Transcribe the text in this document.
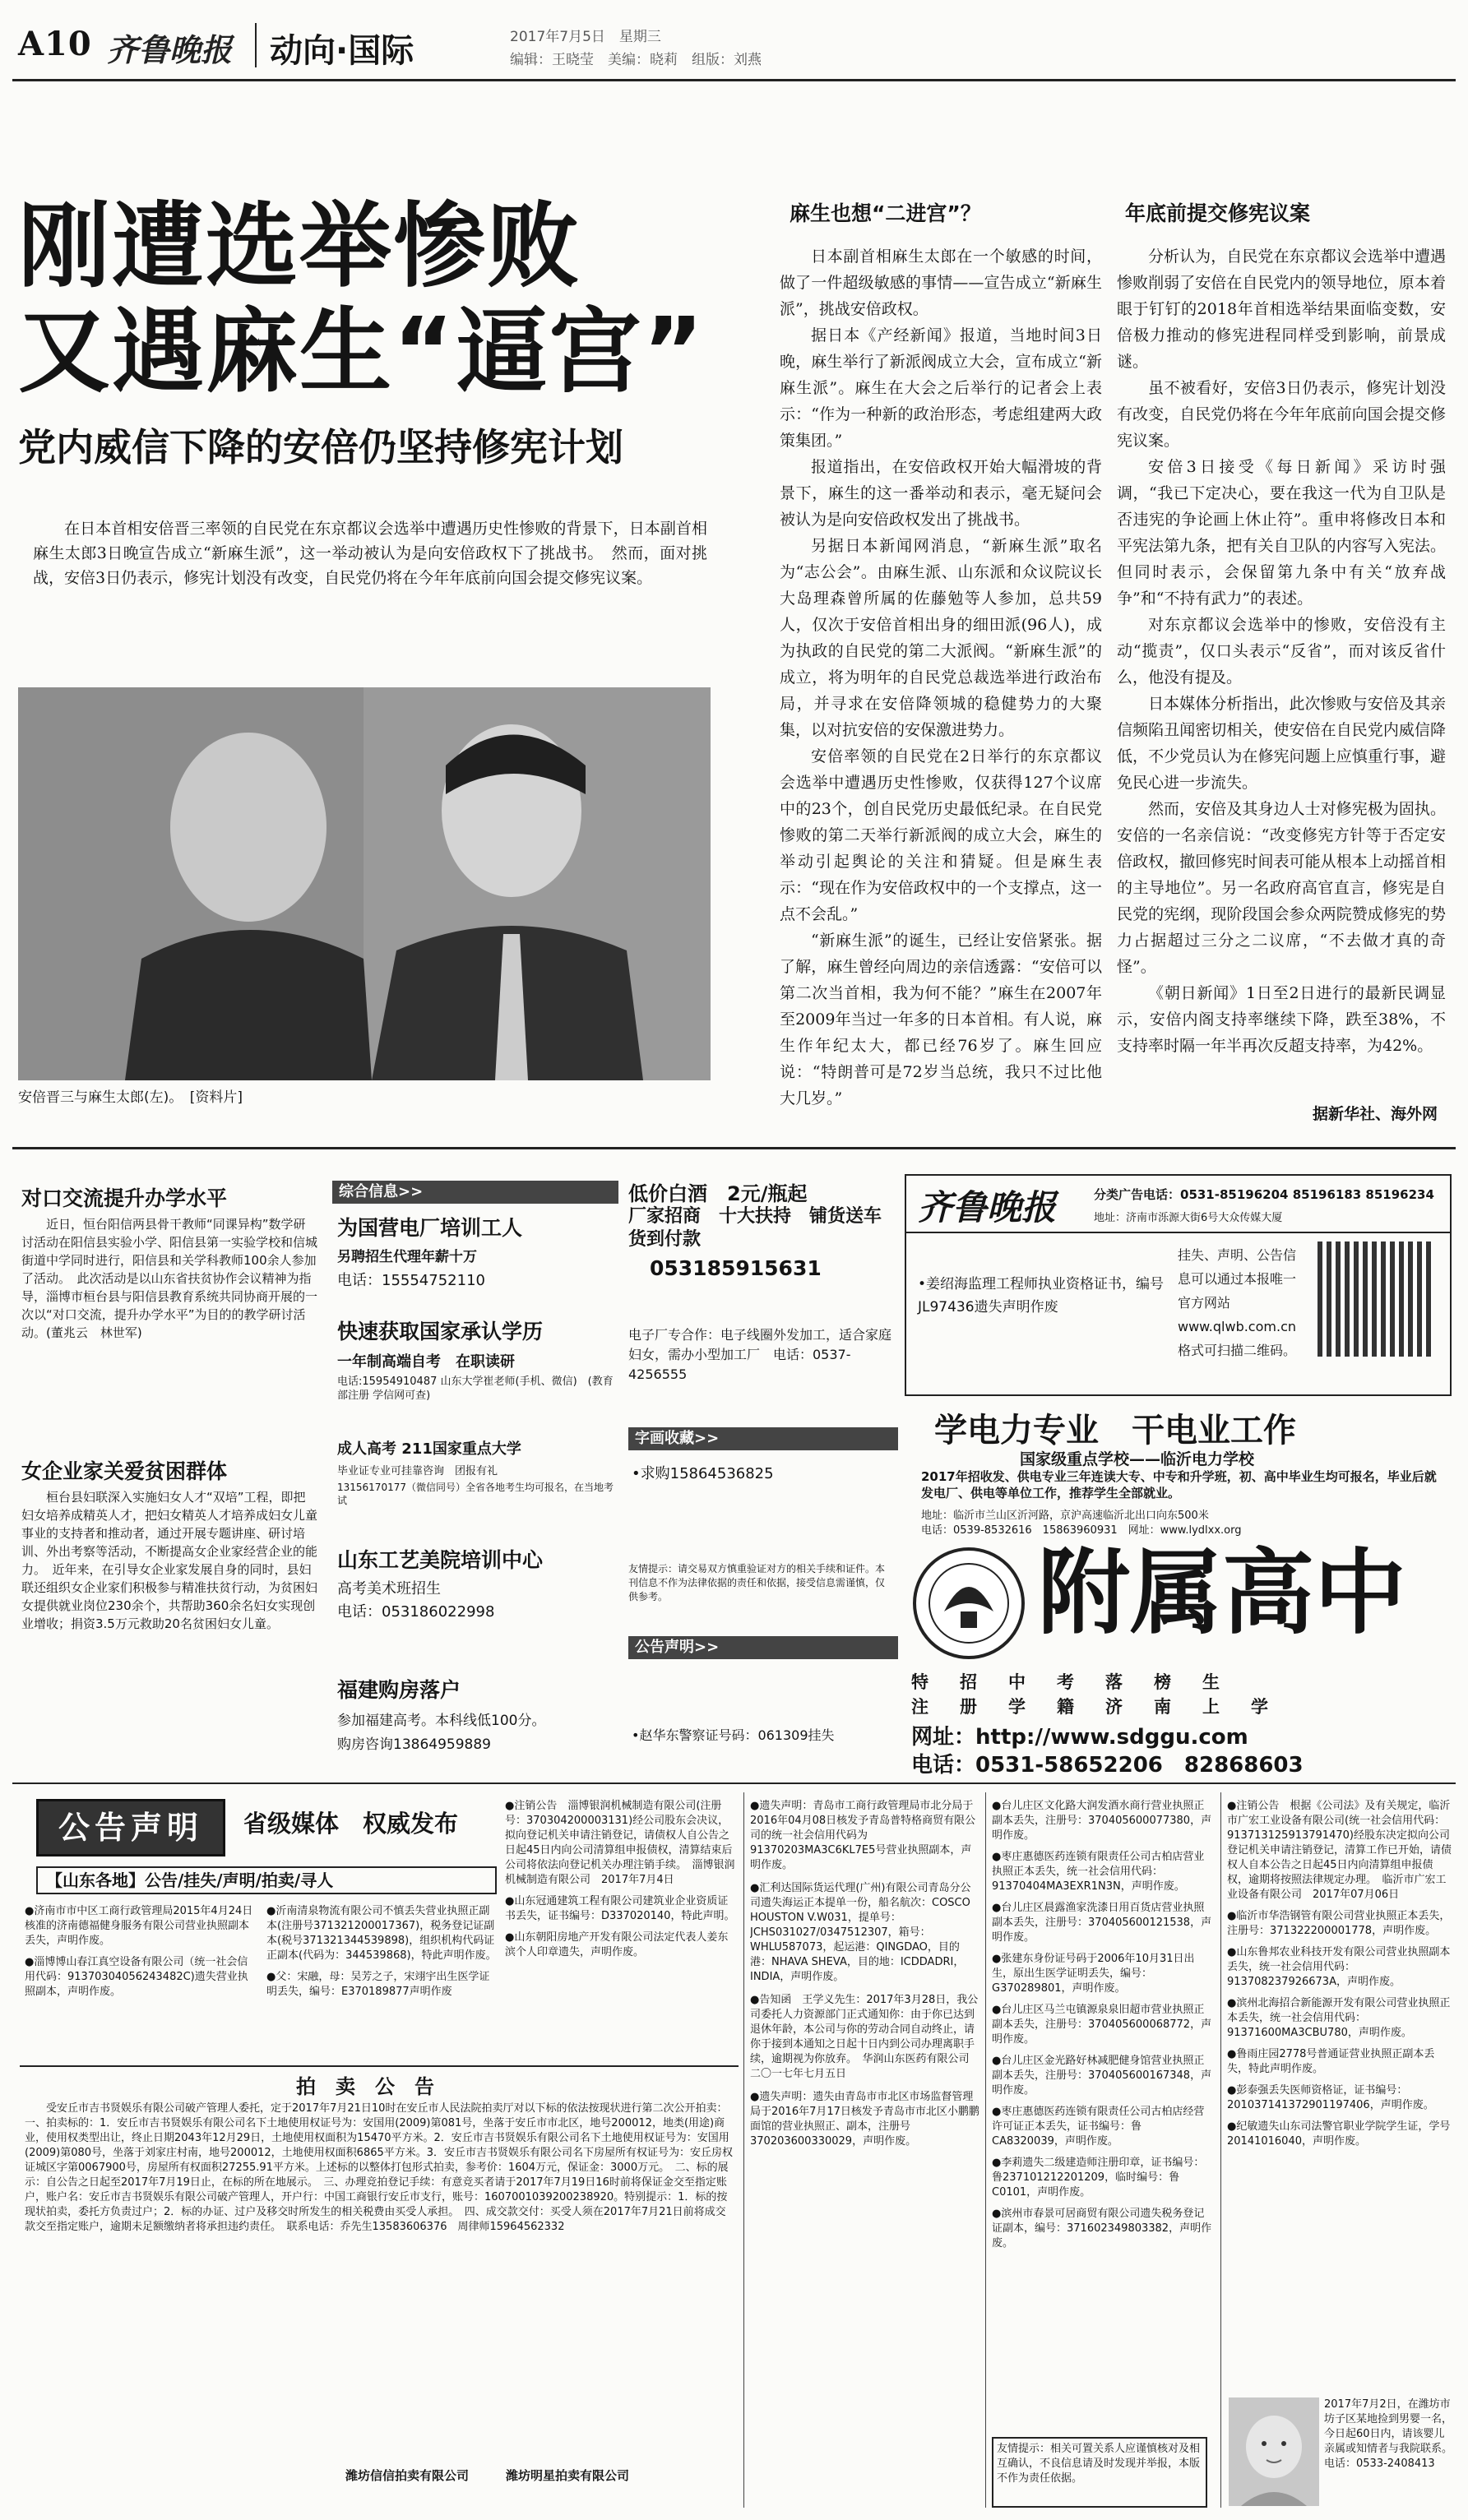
A10 齐鲁晚报 动向·国际	2017年7月5日　星期三
编辑：王晓莹　美编：晓莉　组版：刘燕
刚遭选举惨败
又遇麻生“逼宫”
党内威信下降的安倍仍坚持修宪计划

在日本首相安倍晋三率领的自民党在东京都议会选举中遭遇历史性惨败的背景下，日本副首相麻生太郎3日晚宣告成立“新麻生派”，这一举动被认为是向安倍政权下了挑战书。　然而，面对挑战，安倍3日仍表示，修宪计划没有改变，自民党仍将在今年年底前向国会提交修宪议案。

安倍晋三与麻生太郎(左)。　[资料片]
麻生也想“二进宫”？

日本副首相麻生太郎在一个敏感的时间，做了一件超级敏感的事情——宣告成立“新麻生派”，挑战安倍政权。

据日本《产经新闻》报道，当地时间3日晚，麻生举行了新派阀成立大会，宣布成立“新麻生派”。麻生在大会之后举行的记者会上表示：“作为一种新的政治形态，考虑组建两大政策集团。”

报道指出，在安倍政权开始大幅滑坡的背景下，麻生的这一番举动和表示，毫无疑问会被认为是向安倍政权发出了挑战书。

另据日本新闻网消息，“新麻生派”取名为“志公会”。由麻生派、山东派和众议院议长大岛理森曾所属的佐藤勉等人参加，总共59人，仅次于安倍首相出身的细田派(96人)，成为执政的自民党的第二大派阀。“新麻生派”的成立，将为明年的自民党总裁选举进行政治布局，并寻求在安倍降领城的稳健势力的大聚集，以对抗安倍的安保激进势力。

安倍率领的自民党在2日举行的东京都议会选举中遭遇历史性惨败，仅获得127个议席中的23个，创自民党历史最低纪录。在自民党惨败的第二天举行新派阀的成立大会，麻生的举动引起舆论的关注和猜疑。但是麻生表示：“现在作为安倍政权中的一个支撑点，这一点不会乱。”

“新麻生派”的诞生，已经让安倍紧张。据了解，麻生曾经向周边的亲信透露：“安倍可以第二次当首相，我为何不能？”麻生在2007年至2009年当过一年多的日本首相。有人说，麻生作年纪太大，都已经76岁了。麻生回应说：“特朗普可是72岁当总统，我只不过比他大几岁。”

年底前提交修宪议案

分析认为，自民党在东京都议会选举中遭遇惨败削弱了安倍在自民党内的领导地位，原本着眼于钉钉的2018年首相选举结果面临变数，安倍极力推动的修宪进程同样受到影响，前景成谜。

虽不被看好，安倍3日仍表示，修宪计划没有改变，自民党仍将在今年年底前向国会提交修宪议案。

安倍3日接受《每日新闻》采访时强调，“我已下定决心，要在我这一代为自卫队是否违宪的争论画上休止符”。重申将修改日本和平宪法第九条，把有关自卫队的内容写入宪法。但同时表示，会保留第九条中有关“放弃战争”和“不持有武力”的表述。

对东京都议会选举中的惨败，安倍没有主动“揽责”，仅口头表示“反省”，而对该反省什么，他没有提及。

日本媒体分析指出，此次惨败与安倍及其亲信频陷丑闻密切相关，使安倍在自民党内威信降低，不少党员认为在修宪问题上应慎重行事，避免民心进一步流失。

然而，安倍及其身边人士对修宪极为固执。安倍的一名亲信说：“改变修宪方针等于否定安倍政权，撤回修宪时间表可能从根本上动摇首相的主导地位”。另一名政府高官直言，修宪是自民党的宪纲，现阶段国会参众两院赞成修宪的势力占据超过三分之二议席，“不去做才真的奇怪”。

《朝日新闻》1日至2日进行的最新民调显示，安倍内阁支持率继续下降，跌至38%，不支持率时隔一年半再次反超支持率，为42%。

据新华社、海外网
对口交流提升办学水平

近日，恒台阳信两县骨干教师“同课异构”数学研讨活动在阳信县实验小学、阳信县第一实验学校和信城街道中学同时进行，阳信县和关学科教师100余人参加了活动。　此次活动是以山东省扶贫协作会议精神为指导，淄博市桓台县与阳信县教育系统共同协商开展的一次以“对口交流，提升办学水平”为目的的教学研讨活动。(董兆云　林世军)

女企业家关爱贫困群体

桓台县妇联深入实施妇女人才“双培”工程，即把妇女培养成精英人才，把妇女精英人才培养成妇女儿童事业的支持者和推动者，通过开展专题讲座、研讨培训、外出考察等活动，不断提高女企业家经营企业的能力。　近年来，在引导女企业家发展自身的同时，县妇联还组织女企业家们积极参与精准扶贫行动，为贫困妇女提供就业岗位230余个，共帮助360余名妇女实现创业增收；捐资3.5万元救助20名贫困妇女儿童。

综合信息>>
为国营电厂培训工人
另聘招生代理年薪十万
电话：15554752110
快速获取国家承认学历
一年制高端自考　在职读研
电话:15954910487 山东大学崔老师(手机、微信)　(教育部注册 学信网可查)
成人高考 211国家重点大学
毕业证专业可挂靠咨询　团报有礼
13156170177（微信同号）全省各地考生均可报名，在当地考试
山东工艺美院培训中心
高考美术班招生
电话：053186022998
福建购房落户
参加福建高考。本科线低100分。
购房咨询13864959889
低价白酒　2元/瓶起
厂家招商　十大扶持　铺货送车　货到付款
053185915631
电子厂专合作：电子线圈外发加工，适合家庭妇女，需办小型加工厂　电话：0537-4256555
字画收藏>>
•求购15864536825
友情提示：请交易双方慎重验证对方的相关手续和证件。本刊信息不作为法律依据的责任和依据，接受信息需谨慎，仅供参考。
公告声明>>
•赵华东警察证号码：061309挂失
齐鲁晚报	分类广告电话：0531-85196204 85196183 85196234
地址：济南市泺源大街6号大众传媒大厦
•姜绍海监理工程师执业资格证书，编号JL97436遗失声明作废
挂失、声明、公告信息可以通过本报唯一官方网站　www.qlwb.com.cn　格式可扫描二维码。
学电力专业　干电业工作
国家级重点学校——临沂电力学校
2017年招收发、供电专业三年连读大专、中专和升学班，初、高中毕业生均可报名，毕业后就发电厂、供电等单位工作，推荐学生全部就业。
地址：临沂市兰山区沂河路，京沪高速临沂北出口向东500米
电话：0539-8532616　15863960931　网址：www.lydlxx.org
附属高中
特招中考落榜生
注册学籍济南上学
网址：http://www.sdggu.com
电话：0531-58652206　82868603
公告声明	省级媒体　权威发布
【山东各地】公告/挂失/声明/拍卖/寻人

●济南市市中区工商行政管理局2015年4月24日核准的济南德福健身服务有限公司营业执照副本丢失，声明作废。

●淄博博山春江真空设备有限公司（统一社会信用代码：91370304056243482C)遗失营业执照副本，声明作废。

●沂南清泉物流有限公司不慎丢失营业执照正副本(注册号371321200017367)，税务登记证副本(税号371321344539898)，组织机构代码证正副本(代码为：344539868)，特此声明作废。

●父：宋融，母：吴芳之子，宋翊宇出生医学证明丢失，编号：E370189877声明作废

●注销公告　淄博银润机械制造有限公司(注册号：370304200003131)经公司股东会决议，拟向登记机关申请注销登记，请债权人自公告之日起45日内向公司清算组申报债权，清算结束后公司将依法向登记机关办理注销手续。　淄博银润机械制造有限公司　2017年7月4日

●山东冠通建筑工程有限公司建筑业企业资质证书丢失，证书编号：D337020140，特此声明。

●山东朝阳房地产开发有限公司法定代表人姜东滨个人印章遗失，声明作废。

拍　卖　公　告

受安丘市吉书贤娱乐有限公司破产管理人委托，定于2017年7月21日10时在安丘市人民法院拍卖厅对以下标的依法按现状进行第二次公开拍卖：　一、拍卖标的：1．安丘市吉书贤娱乐有限公司名下土地使用权证号为：安国用(2009)第081号，坐落于安丘市市北区，地号200012，地类(用途)商业，使用权类型出让，终止日期2043年12月29日，土地使用权面积为15470平方米。2．安丘市吉书贤娱乐有限公司名下土地使用权证号为：安国用(2009)第080号，坐落于刘家庄村南，地号200012，土地使用权面积6865平方米。3．安丘市吉书贤娱乐有限公司名下房屋所有权证号为：安丘房权证城区字第0067900号，房屋所有权面积27255.91平方米。上述标的以整体打包形式拍卖，参考价：1604万元，保证金：3000万元。　二、标的展示：自公告之日起至2017年7月19日止，在标的所在地展示。　三、办理竞拍登记手续：有意竞买者请于2017年7月19日16时前将保证金交至指定账户，账户名：安丘市吉书贤娱乐有限公司破产管理人，开户行：中国工商银行安丘市支行，账号：1607001039200238920。特别提示：1．标的按现状拍卖，委托方负责过户；2．标的办证、过户及移交时所发生的相关税费由买受人承担。　四、成交款交付：买受人须在2017年7月21日前将成交款交至指定账户，逾期未足额缴纳者将承担违约责任。　联系电话：乔先生13583606376　周律师15964562332

潍坊信信拍卖有限公司　　　潍坊明星拍卖有限公司

●遗失声明：青岛市工商行政管理局市北分局于2016年04月08日核发予青岛普特格商贸有限公司的统一社会信用代码为91370203MA3C6KL7E5号营业执照副本，声明作废。

●汇利达国际货运代理(广州)有限公司青岛分公司遗失海运正本提单一份，船名航次：COSCO HOUSTON V.W031，提单号：JCHS031027/0347512307，箱号：WHLU587073，起运港：QINGDAO，目的港：NHAVA SHEVA，目的地：ICDDADRI，INDIA，声明作废。

●告知函　王学义先生：2017年3月28日，我公司委托人力资源部门正式通知你：由于你已达到退休年龄，本公司与你的劳动合同自动终止，请你于接到本通知之日起十日内到公司办理离职手续，逾期视为你放弃。　华润山东医药有限公司　二〇一七年七月五日

●遗失声明：遗失由青岛市市北区市场监督管理局于2016年7月17日核发予青岛市市北区小鹏鹏面馆的营业执照正、副本，注册号370203600330029，声明作废。

●台儿庄区文化路大润发酒水商行营业执照正副本丢失，注册号：370405600077380，声明作废。

●枣庄惠德医药连锁有限责任公司古柏店营业执照正本丢失，统一社会信用代码：91370404MA3EXR1N3N，声明作废。

●台儿庄区晨露渔家洗漆日用百货店营业执照副本丢失，注册号：370405600121538，声明作废。

●张建东身份证号码于2006年10月31日出生，原出生医学证明丢失，编号：G370289801，声明作废。

●台儿庄区马兰屯镇源泉泉旧超市营业执照正副本丢失，注册号：370405600068772，声明作废。

●台儿庄区金光路好林减肥健身馆营业执照正副本丢失，注册号：370405600167348，声明作废。

●枣庄惠德医药连锁有限责任公司古柏店经营许可证正本丢失，证书编号：鲁CA8320039，声明作废。

●李莉遗失二级建造师注册印章，证书编号：鲁237101212201209，临时编号：鲁C0101，声明作废。

●滨州市春景可居商贸有限公司遗失税务登记证副本，编号：371602349803382，声明作废。

友情提示：相关可置关系人应谨慎核对及相互确认，不良信息请及时发现并举报，本版不作为责任依据。

●注销公告　根据《公司法》及有关规定，临沂市广宏工业设备有限公司(统一社会信用代码：913713125913791470)经股东决定拟向公司登记机关申请注销登记，清算工作已开始，请债权人自本公告之日起45日内向清算组申报债权，逾期将按照法律规定办理。　临沂市广宏工业设备有限公司　2017年07月06日

●临沂市华浩钢管有限公司营业执照正本丢失，注册号：371322200001778，声明作废。

●山东鲁邦农业科技开发有限公司营业执照副本丢失，统一社会信用代码：913708237926673A，声明作废。

●滨州北海招合新能源开发有限公司营业执照正本丢失，统一社会信用代码：91371600MA3CBU780，声明作废。

●鲁雨庄园2778号普通证营业执照正副本丢失，特此声明作废。

●彭泰强丢失医师资格证，证书编号：201037141372901197406，声明作废。

●纪敏遗失山东司法警官职业学院学生证，学号20141016040，声明作废。

2017年7月2日，在潍坊市坊子区某地捡到男婴一名，今日起60日内，请该婴儿亲属或知情者与我院联系。电话：0533-2408413
